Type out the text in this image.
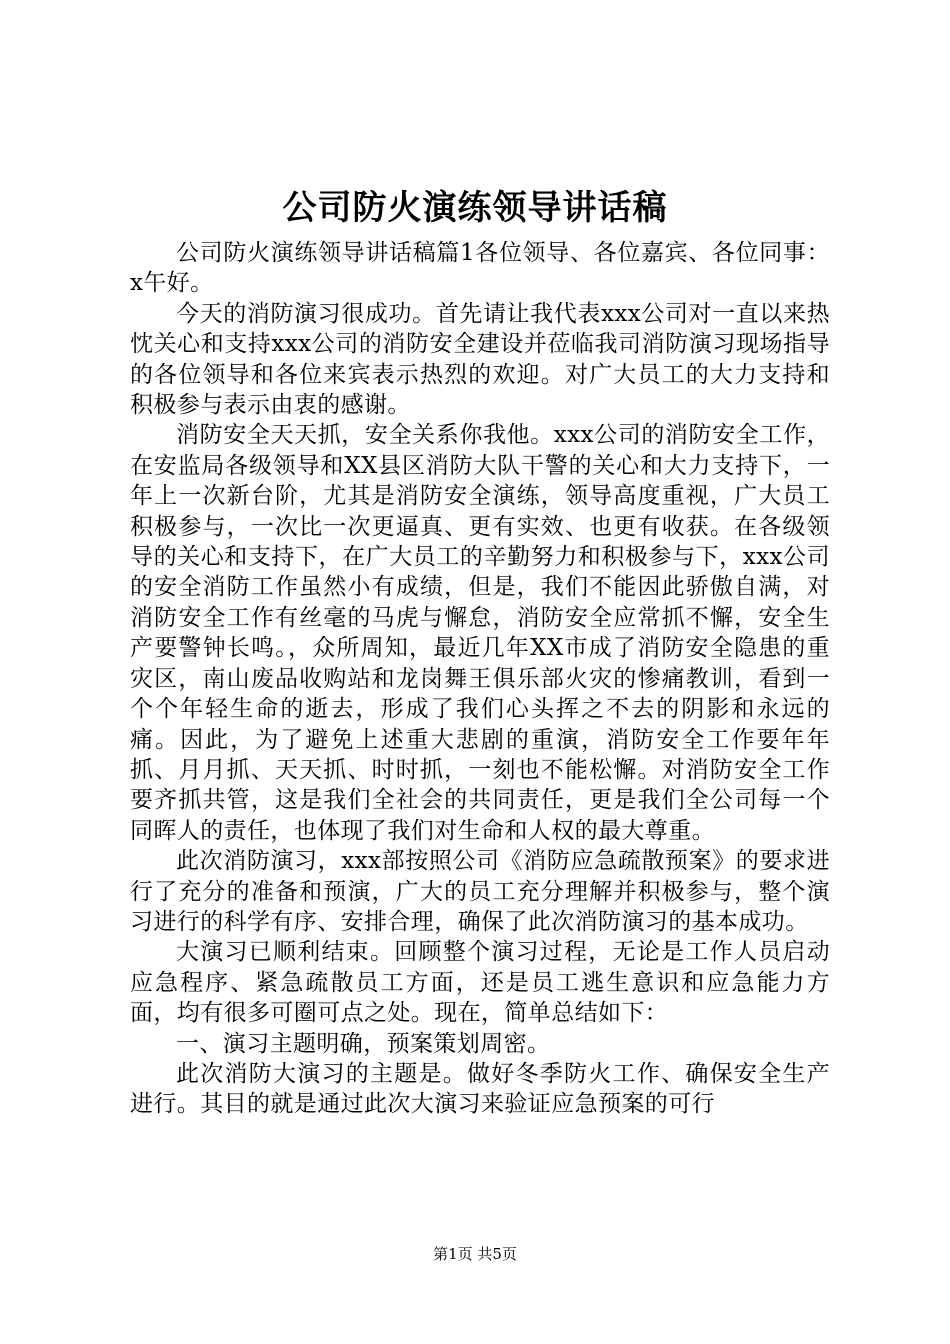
公司防火演练领导讲话稿

公司防火演练领导讲话稿篇1各位领导、各位嘉宾、各位同事：x午好。

今天的消防演习很成功。首先请让我代表xxx公司对一直以来热忱关心和支持xxx公司的消防安全建设并莅临我司消防演习现场指导的各位领导和各位来宾表示热烈的欢迎。对广大员工的大力支持和积极参与表示由衷的感谢。

消防安全天天抓，安全关系你我他。xxx公司的消防安全工作，在安监局各级领导和XX县区消防大队干警的关心和大力支持下，一年上一次新台阶，尤其是消防安全演练，领导高度重视，广大员工积极参与，一次比一次更逼真、更有实效、也更有收获。在各级领导的关心和支持下，在广大员工的辛勤努力和积极参与下，xxx公司的安全消防工作虽然小有成绩，但是，我们不能因此骄傲自满，对消防安全工作有丝毫的马虎与懈怠，消防安全应常抓不懈，安全生产要警钟长鸣。，众所周知，最近几年XX市成了消防安全隐患的重灾区，南山废品收购站和龙岗舞王俱乐部火灾的惨痛教训，看到一个个年轻生命的逝去，形成了我们心头挥之不去的阴影和永远的痛。因此，为了避免上述重大悲剧的重演，消防安全工作要年年抓、月月抓、天天抓、时时抓，一刻也不能松懈。对消防安全工作要齐抓共管，这是我们全社会的共同责任，更是我们全公司每一个同晖人的责任，也体现了我们对生命和人权的最大尊重。

此次消防演习，xxx部按照公司《消防应急疏散预案》的要求进行了充分的准备和预演，广大的员工充分理解并积极参与，整个演习进行的科学有序、安排合理，确保了此次消防演习的基本成功。

大演习已顺利结束。回顾整个演习过程，无论是工作人员启动应急程序、紧急疏散员工方面，还是员工逃生意识和应急能力方面，均有很多可圈可点之处。现在，简单总结如下：

一、演习主题明确，预案策划周密。

此次消防大演习的主题是。做好冬季防火工作、确保安全生产进行。其目的就是通过此次大演习来验证应急预案的可行

第1页 共5页
